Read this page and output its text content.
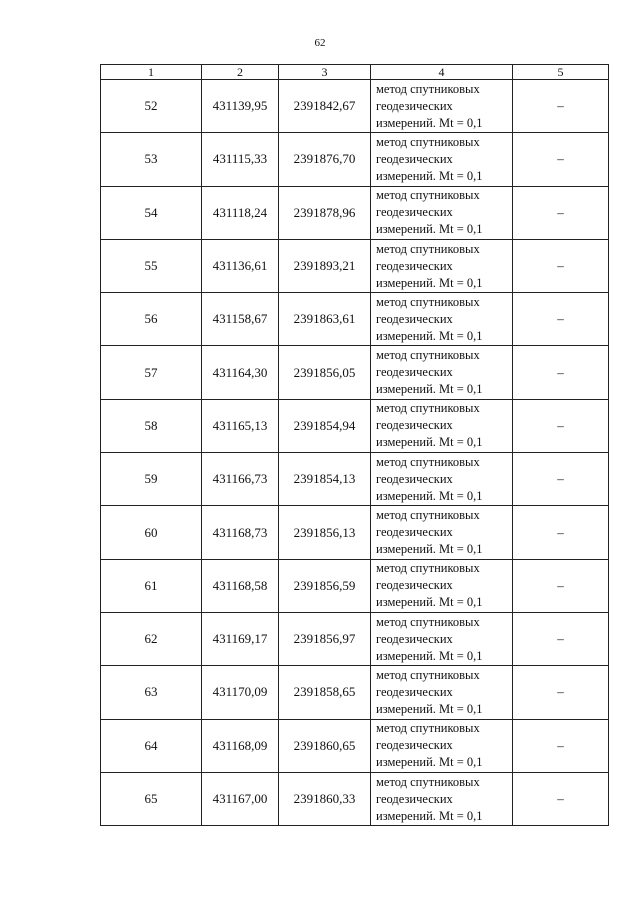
62
1	2	3	4	5
52	431139,95	2391842,67	метод спутниковых
геодезических
измерений. Mt = 0,1	–
53	431115,33	2391876,70	метод спутниковых
геодезических
измерений. Mt = 0,1	–
54	431118,24	2391878,96	метод спутниковых
геодезических
измерений. Mt = 0,1	–
55	431136,61	2391893,21	метод спутниковых
геодезических
измерений. Mt = 0,1	–
56	431158,67	2391863,61	метод спутниковых
геодезических
измерений. Mt = 0,1	–
57	431164,30	2391856,05	метод спутниковых
геодезических
измерений. Mt = 0,1	–
58	431165,13	2391854,94	метод спутниковых
геодезических
измерений. Mt = 0,1	–
59	431166,73	2391854,13	метод спутниковых
геодезических
измерений. Mt = 0,1	–
60	431168,73	2391856,13	метод спутниковых
геодезических
измерений. Mt = 0,1	–
61	431168,58	2391856,59	метод спутниковых
геодезических
измерений. Mt = 0,1	–
62	431169,17	2391856,97	метод спутниковых
геодезических
измерений. Mt = 0,1	–
63	431170,09	2391858,65	метод спутниковых
геодезических
измерений. Mt = 0,1	–
64	431168,09	2391860,65	метод спутниковых
геодезических
измерений. Mt = 0,1	–
65	431167,00	2391860,33	метод спутниковых
геодезических
измерений. Mt = 0,1	–
